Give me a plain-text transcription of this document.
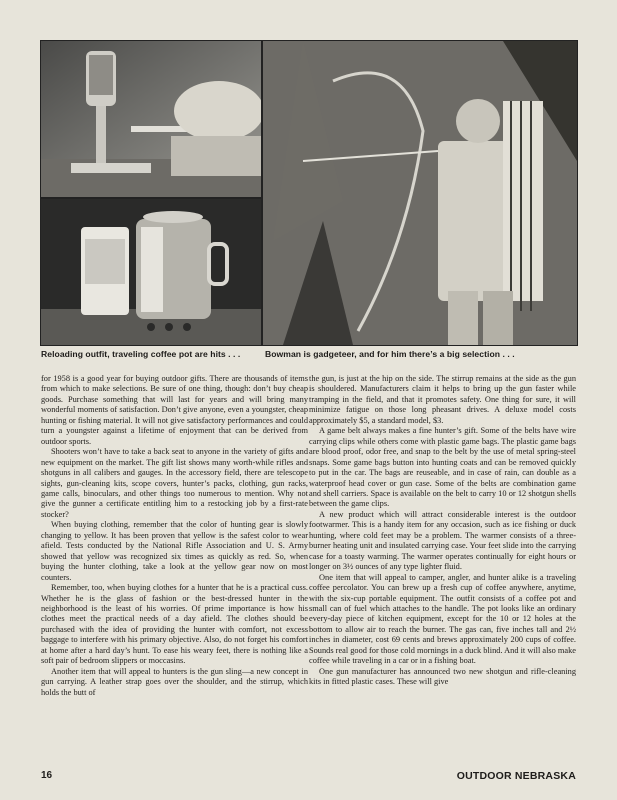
Reloading outfit, traveling coffee pot are hits . . .	Bowman is gadgeteer, and for him there’s a big selection . . .

for 1958 is a good year for buying outdoor gifts. There are thousands of items from which to make selections. Be sure of one thing, though: don’t buy cheap goods. Purchase something that will last for years and will bring many wonderful moments of satisfaction. Don’t give anyone, even a youngster, cheap hunting or fishing material. It will not give satisfactory performances and could turn a youngster against a lifetime of enjoyment that can be derived from outdoor sports.

Shooters won’t have to take a back seat to anyone in the variety of gifts and new equipment on the market. The gift list shows many worth-while rifles and shotguns in all calibers and gauges. In the accessory field, there are telescope sights, gun-cleaning kits, scope covers, hunter’s packs, clothing, gun racks, game calls, binoculars, and other things too numerous to mention. Why not give the gunner a certificate entitling him to a restocking job by a first-rate stocker?

When buying clothing, remember that the color of hunting gear is slowly changing to yellow. It has been proven that yellow is the safest color to wear afield. Tests conducted by the National Rifle Association and U. S. Army showed that yellow was recognized six times as quickly as red. So, when buying the hunter clothing, take a look at the yellow gear now on most counters.

Remember, too, when buying clothes for a hunter that he is a practical cuss. Whether he is the glass of fashion or the best-dressed hunter in the neighborhood is the least of his worries. Of prime importance is how his clothes meet the practical needs of a day afield. The clothes should be purchased with the idea of providing the hunter with comfort, not excess baggage to interfere with his primary objective. Also, do not forget his comfort at home after a hard day’s hunt. To ease his weary feet, there is nothing like a soft pair of bedroom slippers or moccasins.

Another item that will appeal to hunters is the gun sling—a new concept in gun carrying. A leather strap goes over the shoulder, and the stirrup, which holds the butt of

the gun, is just at the hip on the side. The stirrup remains at the side as the gun is shouldered. Manufacturers claim it helps to bring up the gun faster while tramping in the field, and that it promotes safety. One thing for sure, it will minimize fatigue on those long pheasant drives. A deluxe model costs approximately $5, a standard model, $3.

A game belt always makes a fine hunter’s gift. Some of the belts have wire carrying clips while others come with plastic game bags. The plastic game bags are blood proof, odor free, and snap to the belt by the use of metal spring-steel snaps. Some game bags button into hunting coats and can be removed quickly to put in the car. The bags are reuseable, and in case of rain, can double as a waterproof head cover or gun case. Some of the belts are combination game and shell carriers. Space is available on the belt to carry 10 or 12 shotgun shells between the game clips.

A new product which will attract considerable interest is the outdoor footwarmer. This is a handy item for any occasion, such as ice fishing or duck hunting, where cold feet may be a problem. The warmer consists of a three-burner heating unit and insulated carrying case. Your feet slide into the carrying case for a toasty warming. The warmer operates continually for eight hours or longer on 3½ ounces of any type lighter fluid.

One item that will appeal to camper, angler, and hunter alike is a traveling coffee percolator. You can brew up a fresh cup of coffee anywhere, anytime, with the six-cup portable equipment. The outfit consists of a coffee pot and small can of fuel which attaches to the handle. The pot looks like an ordinary every-day piece of kitchen equipment, except for the 10 or 12 holes at the bottom to allow air to reach the burner. The gas can, five inches tall and 2½ inches in diameter, cost 69 cents and brews approximately 200 cups of coffee. Sounds real good for those cold mornings in a duck blind. And it will also make coffee while traveling in a car or in a fishing boat.

One gun manufacturer has announced two new shotgun and rifle-cleaning kits in fitted plastic cases. These will give

16	OUTDOOR NEBRASKA
